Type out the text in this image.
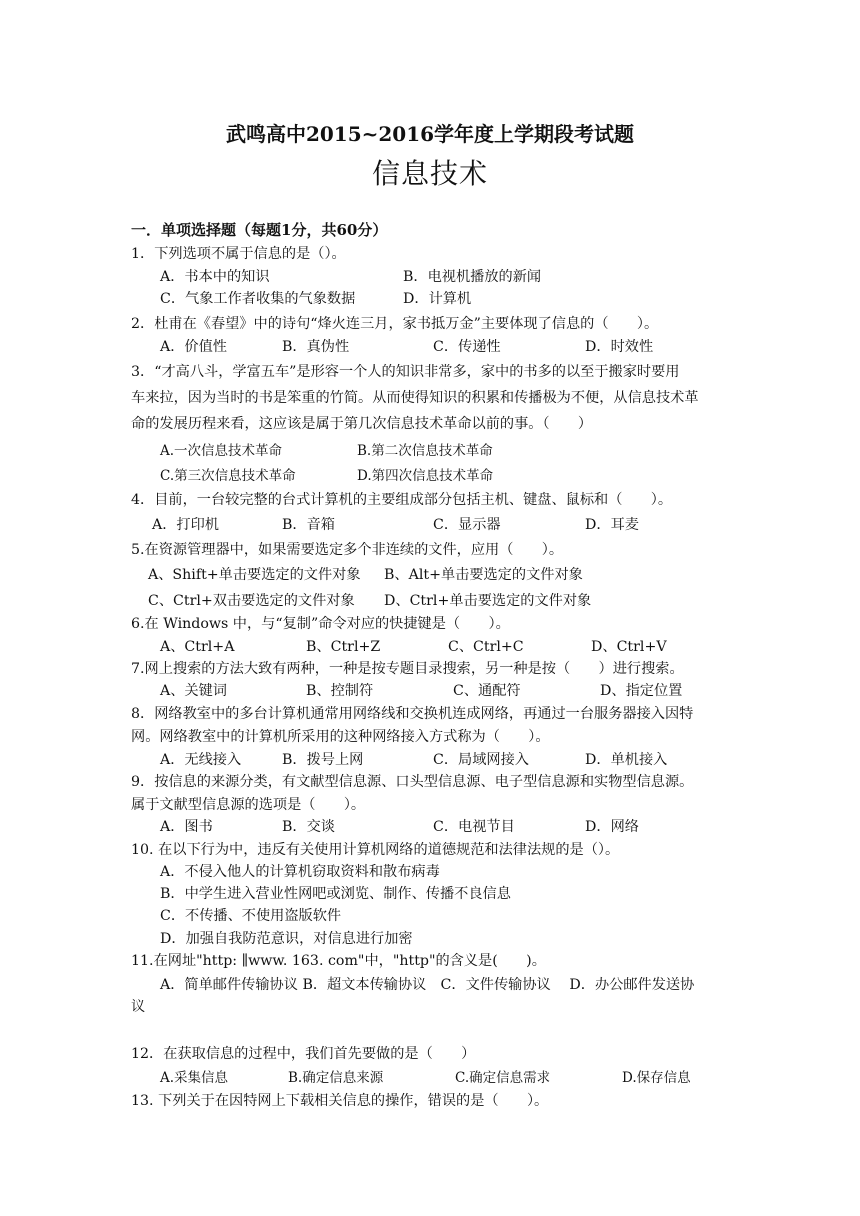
武鸣高中2015~2016学年度上学期段考试题
信息技术
一．单项选择题（每题1分，共60分）
1．下列选项不属于信息的是（）。
A．书本中的知识	B．电视机播放的新闻
C．气象工作者收集的气象数据	D．计算机
2．杜甫在《春望》中的诗句“烽火连三月，家书抵万金”主要体现了信息的（　　）。
A．价值性	B．真伪性	C．传递性	D．时效性
3．“才高八斗，学富五车”是形容一个人的知识非常多，家中的书多的以至于搬家时要用
车来拉，因为当时的书是笨重的竹简。从而使得知识的积累和传播极为不便，从信息技术革
命的发展历程来看，这应该是属于第几次信息技术革命以前的事。（　　）
A.一次信息技术革命	B.第二次信息技术革命
C.第三次信息技术革命	D.第四次信息技术革命
4．目前，一台较完整的台式计算机的主要组成部分包括主机、键盘、鼠标和（　　）。
A．打印机	B．音箱	C．显示器	D．耳麦
5.在资源管理器中，如果需要选定多个非连续的文件，应用（　　）。
A、Shift+单击要选定的文件对象 B、Alt+单击要选定的文件对象
C、Ctrl+双击要选定的文件对象 D、Ctrl+单击要选定的文件对象
6.在 Windows 中，与“复制”命令对应的快捷键是（　　）。
A、Ctrl+A	B、Ctrl+Z	C、Ctrl+C	D、Ctrl+V
7.网上搜索的方法大致有两种，一种是按专题目录搜索，另一种是按（　　）进行搜索。
A、关键词	B、控制符	C、通配符	D、指定位置
8．网络教室中的多台计算机通常用网络线和交换机连成网络，再通过一台服务器接入因特
网。网络教室中的计算机所采用的这种网络接入方式称为（　　）。
A．无线接入	B．拨号上网	C．局域网接入	D．单机接入
9．按信息的来源分类，有文献型信息源、口头型信息源、电子型信息源和实物型信息源。
属于文献型信息源的选项是（　　）。
A．图书	B．交谈	C．电视节目	D．网络
10. 在以下行为中，违反有关使用计算机网络的道德规范和法律法规的是（）。
A．不侵入他人的计算机窃取资料和散布病毒
B．中学生进入营业性网吧或浏览、制作、传播不良信息
C．不传播、不使用盗版软件
D．加强自我防范意识，对信息进行加密
11.在网址"http: ∥www. 163. com"中，"http"的含义是(　　)。
A．简单邮件传输协议 B．超文本传输协议　C．文件传输协议　 D．办公邮件发送协
议
12．在获取信息的过程中，我们首先要做的是（　　）
A.采集信息	B.确定信息来源	C.确定信息需求	D.保存信息
13. 下列关于在因特网上下载相关信息的操作，错误的是（　　）。
